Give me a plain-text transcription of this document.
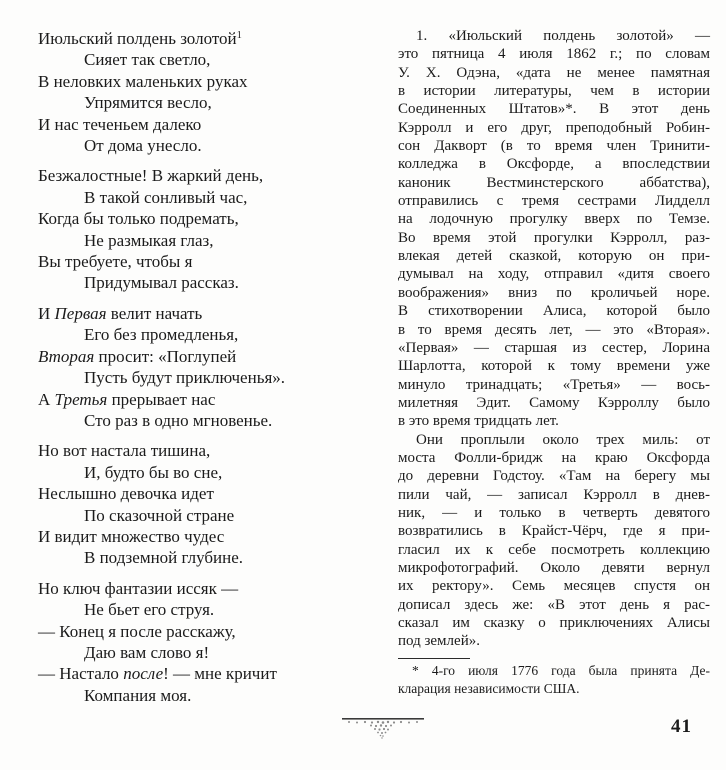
Июльский полдень золотой$^1$
Сияет так светло,
В неловких маленьких руках
Упрямится весло,
И нас теченьем далеко
От дома унесло.
Безжалостные! В жаркий день,
В такой сонливый час,
Когда бы только подремать,
Не размыкая глаз,
Вы требуете, чтобы я
Придумывал рассказ.
И Первая велит начать
Его без промедленья,
Вторая просит: «Поглупей
Пусть будут приключенья».
А Третья прерывает нас
Сто раз в одно мгновенье.
Но вот настала тишина,
И, будто бы во сне,
Неслышно девочка идет
По сказочной стране
И видит множество чудес
В подземной глубине.
Но ключ фантазии иссяк —
Не бьет его струя.
— Конец я после расскажу,
Даю вам слово я!
— Настало после! — мне кричит
Компания моя.
1. «Июльский полдень золотой» —
это пятница 4 июля 1862 г.; по словам
У. Х. Одэна, «дата не менее памятная
в истории литературы, чем в истории
Соединенных Штатов»*. В этот день
Кэрролл и его друг, преподобный Робин-
сон Дакворт (в то время член Тринити-
колледжа в Оксфорде, а впоследствии
каноник Вестминстерского аббатства),
отправились с тремя сестрами Лидделл
на лодочную прогулку вверх по Темзе.
Во время этой прогулки Кэрролл, раз-
влекая детей сказкой, которую он при-
думывал на ходу, отправил «дитя своего
воображения» вниз по кроличьей норе.
В стихотворении Алиса, которой было
в то время десять лет, — это «Вторая».
«Первая» — старшая из сестер, Лорина
Шарлотта, которой к тому времени уже
минуло тринадцать; «Третья» — вось-
милетняя Эдит. Самому Кэрроллу было
в это время тридцать лет.
Они проплыли около трех миль: от
моста Фолли-бридж на краю Оксфорда
до деревни Годстоу. «Там на берегу мы
пили чай, — записал Кэрролл в днев-
ник, — и только в четверть девятого
возвратились в Крайст-Чёрч, где я при-
гласил их к себе посмотреть коллекцию
микрофотографий. Около девяти вернул
их ректору». Семь месяцев спустя он
дописал здесь же: «В этот день я рас-
сказал им сказку о приключениях Алисы
под землей».
* 4-го июля 1776 года была принята Де-
кларация независимости США.
41
